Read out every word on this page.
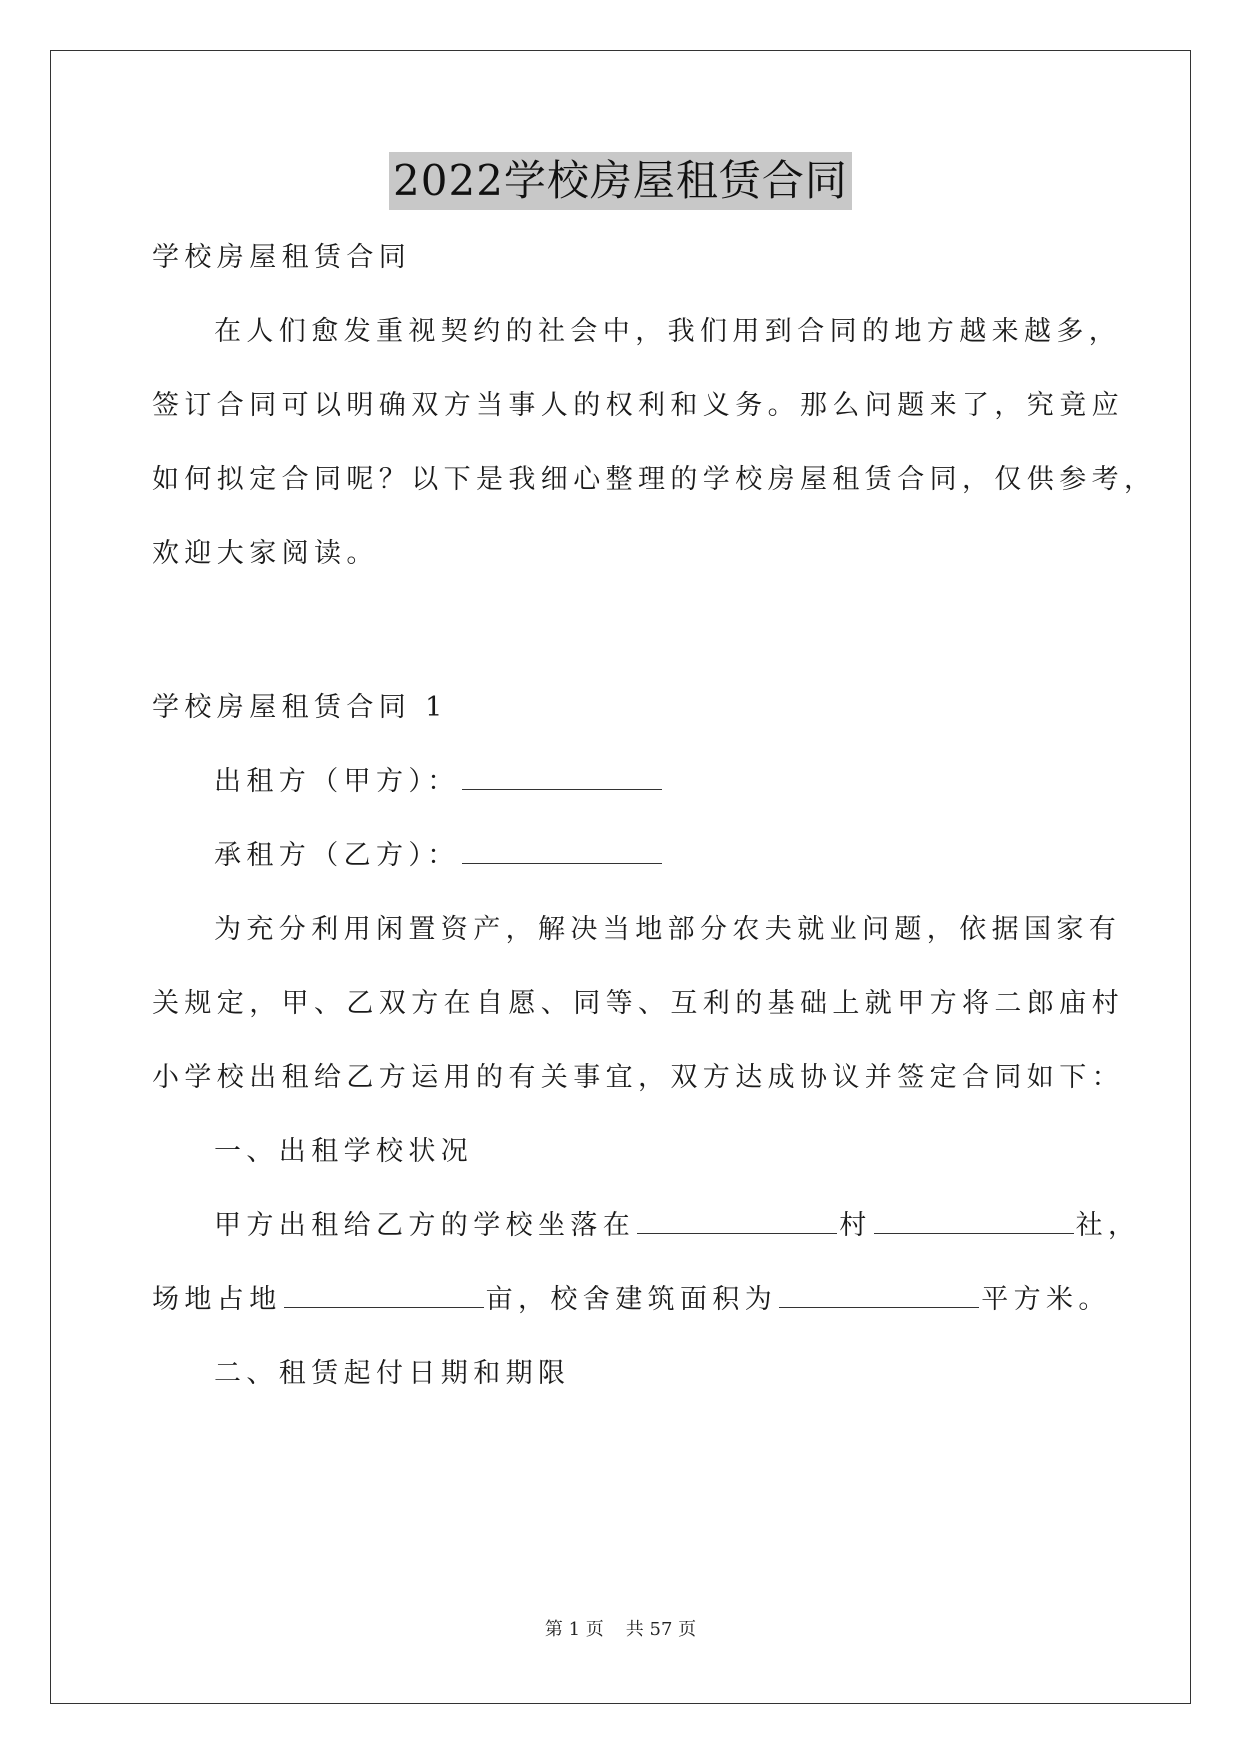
2022学校房屋租赁合同
学校房屋租赁合同
在人们愈发重视契约的社会中，我们用到合同的地方越来越多，
签订合同可以明确双方当事人的权利和义务。那么问题来了，究竟应
如何拟定合同呢？以下是我细心整理的学校房屋租赁合同，仅供参考，
欢迎大家阅读。
学校房屋租赁合同 1
出租方（甲方）：
承租方（乙方）：
为充分利用闲置资产，解决当地部分农夫就业问题，依据国家有
关规定，甲、乙双方在自愿、同等、互利的基础上就甲方将二郎庙村
小学校出租给乙方运用的有关事宜，双方达成协议并签定合同如下：
一、出租学校状况
甲方出租给乙方的学校坐落在	村	社，
场地占地	亩，校舍建筑面积为	平方米。
二、租赁起付日期和期限
第 1 页 共 57 页
